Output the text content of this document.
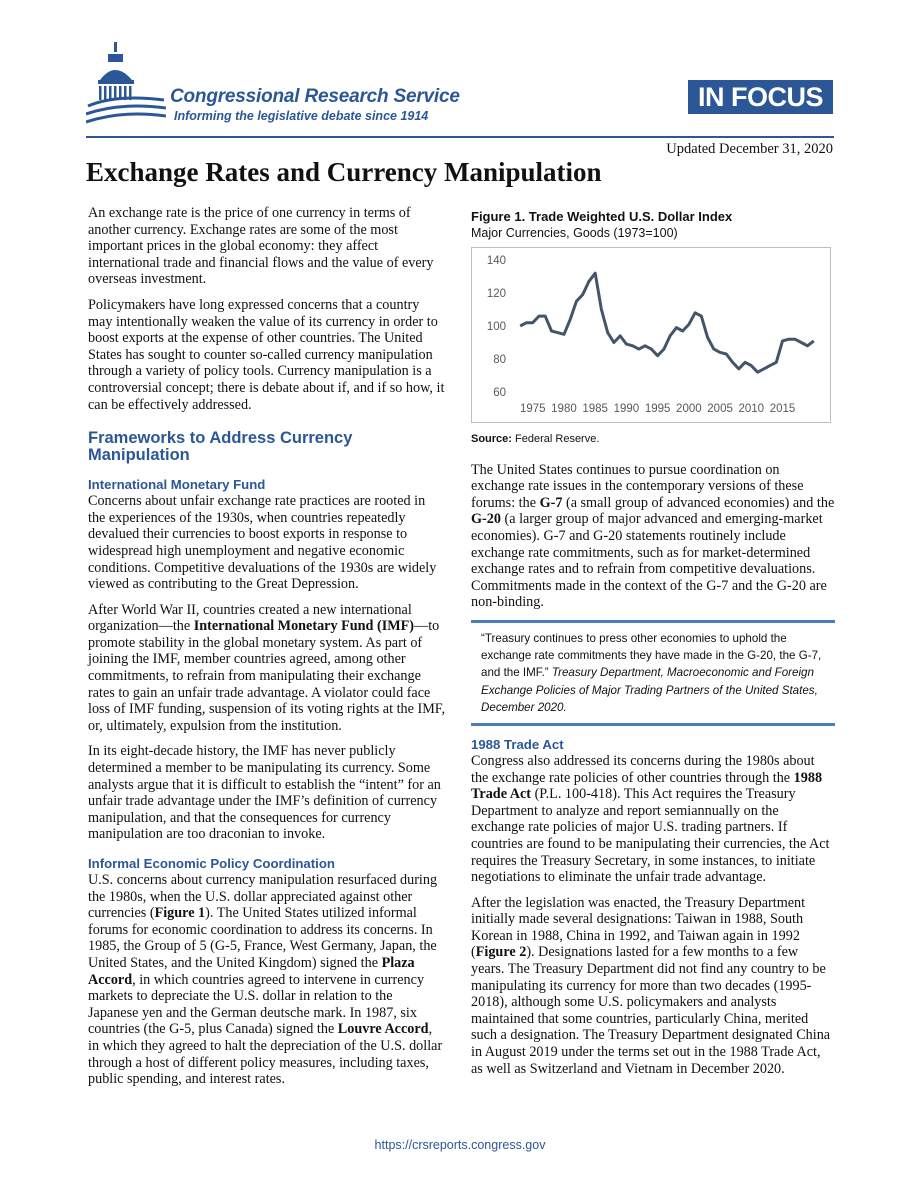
Congressional Research Service
Informing the legislative debate since 1914
IN FOCUS
Updated December 31, 2020
Exchange Rates and Currency Manipulation

An exchange rate is the price of one currency in terms of another currency. Exchange rates are some of the most important prices in the global economy: they affect international trade and financial flows and the value of every overseas investment.

Policymakers have long expressed concerns that a country may intentionally weaken the value of its currency in order to boost exports at the expense of other countries. The United States has sought to counter so-called currency manipulation through a variety of policy tools. Currency manipulation is a controversial concept; there is debate about if, and if so how, it can be effectively addressed.

Frameworks to Address Currency Manipulation
International Monetary Fund

Concerns about unfair exchange rate practices are rooted in the experiences of the 1930s, when countries repeatedly devalued their currencies to boost exports in response to widespread high unemployment and negative economic conditions. Competitive devaluations of the 1930s are widely viewed as contributing to the Great Depression.

After World War II, countries created a new international organization—the International Monetary Fund (IMF)—to promote stability in the global monetary system. As part of joining the IMF, member countries agreed, among other commitments, to refrain from manipulating their exchange rates to gain an unfair trade advantage. A violator could face loss of IMF funding, suspension of its voting rights at the IMF, or, ultimately, expulsion from the institution.

In its eight-decade history, the IMF has never publicly determined a member to be manipulating its currency. Some analysts argue that it is difficult to establish the “intent” for an unfair trade advantage under the IMF’s definition of currency manipulation, and that the consequences for currency manipulation are too draconian to invoke.

Informal Economic Policy Coordination

U.S. concerns about currency manipulation resurfaced during the 1980s, when the U.S. dollar appreciated against other currencies (Figure 1). The United States utilized informal forums for economic coordination to address its concerns. In 1985, the Group of 5 (G-5, France, West Germany, Japan, the United States, and the United Kingdom) signed the Plaza Accord, in which countries agreed to intervene in currency markets to depreciate the U.S. dollar in relation to the Japanese yen and the German deutsche mark. In 1987, six countries (the G-5, plus Canada) signed the Louvre Accord, in which they agreed to halt the depreciation of the U.S. dollar through a host of different policy measures, including taxes, public spending, and interest rates.

Figure 1. Trade Weighted U.S. Dollar Index
Major Currencies, Goods (1973=100)
60
80
100
120
140
1975 1980 1985 1990 1995 2000 2005 2010 2015
Source: Federal Reserve.

The United States continues to pursue coordination on exchange rate issues in the contemporary versions of these forums: the G-7 (a small group of advanced economies) and the G-20 (a larger group of major advanced and emerging-market economies). G-7 and G-20 statements routinely include exchange rate commitments, such as for market-determined exchange rates and to refrain from competitive devaluations. Commitments made in the context of the G-7 and the G-20 are non-binding.

“Treasury continues to press other economies to uphold the exchange rate commitments they have made in the G-20, the G-7, and the IMF.” Treasury Department, Macroeconomic and Foreign Exchange Policies of Major Trading Partners of the United States, December 2020.
1988 Trade Act

Congress also addressed its concerns during the 1980s about the exchange rate policies of other countries through the 1988 Trade Act (P.L. 100-418). This Act requires the Treasury Department to analyze and report semiannually on the exchange rate policies of major U.S. trading partners. If countries are found to be manipulating their currencies, the Act requires the Treasury Secretary, in some instances, to initiate negotiations to eliminate the unfair trade advantage.

After the legislation was enacted, the Treasury Department initially made several designations: Taiwan in 1988, South Korean in 1988, China in 1992, and Taiwan again in 1992 (Figure 2). Designations lasted for a few months to a few years. The Treasury Department did not find any country to be manipulating its currency for more than two decades (1995-2018), although some U.S. policymakers and analysts maintained that some countries, particularly China, merited such a designation. The Treasury Department designated China in August 2019 under the terms set out in the 1988 Trade Act, as well as Switzerland and Vietnam in December 2020.

https://crsreports.congress.gov
